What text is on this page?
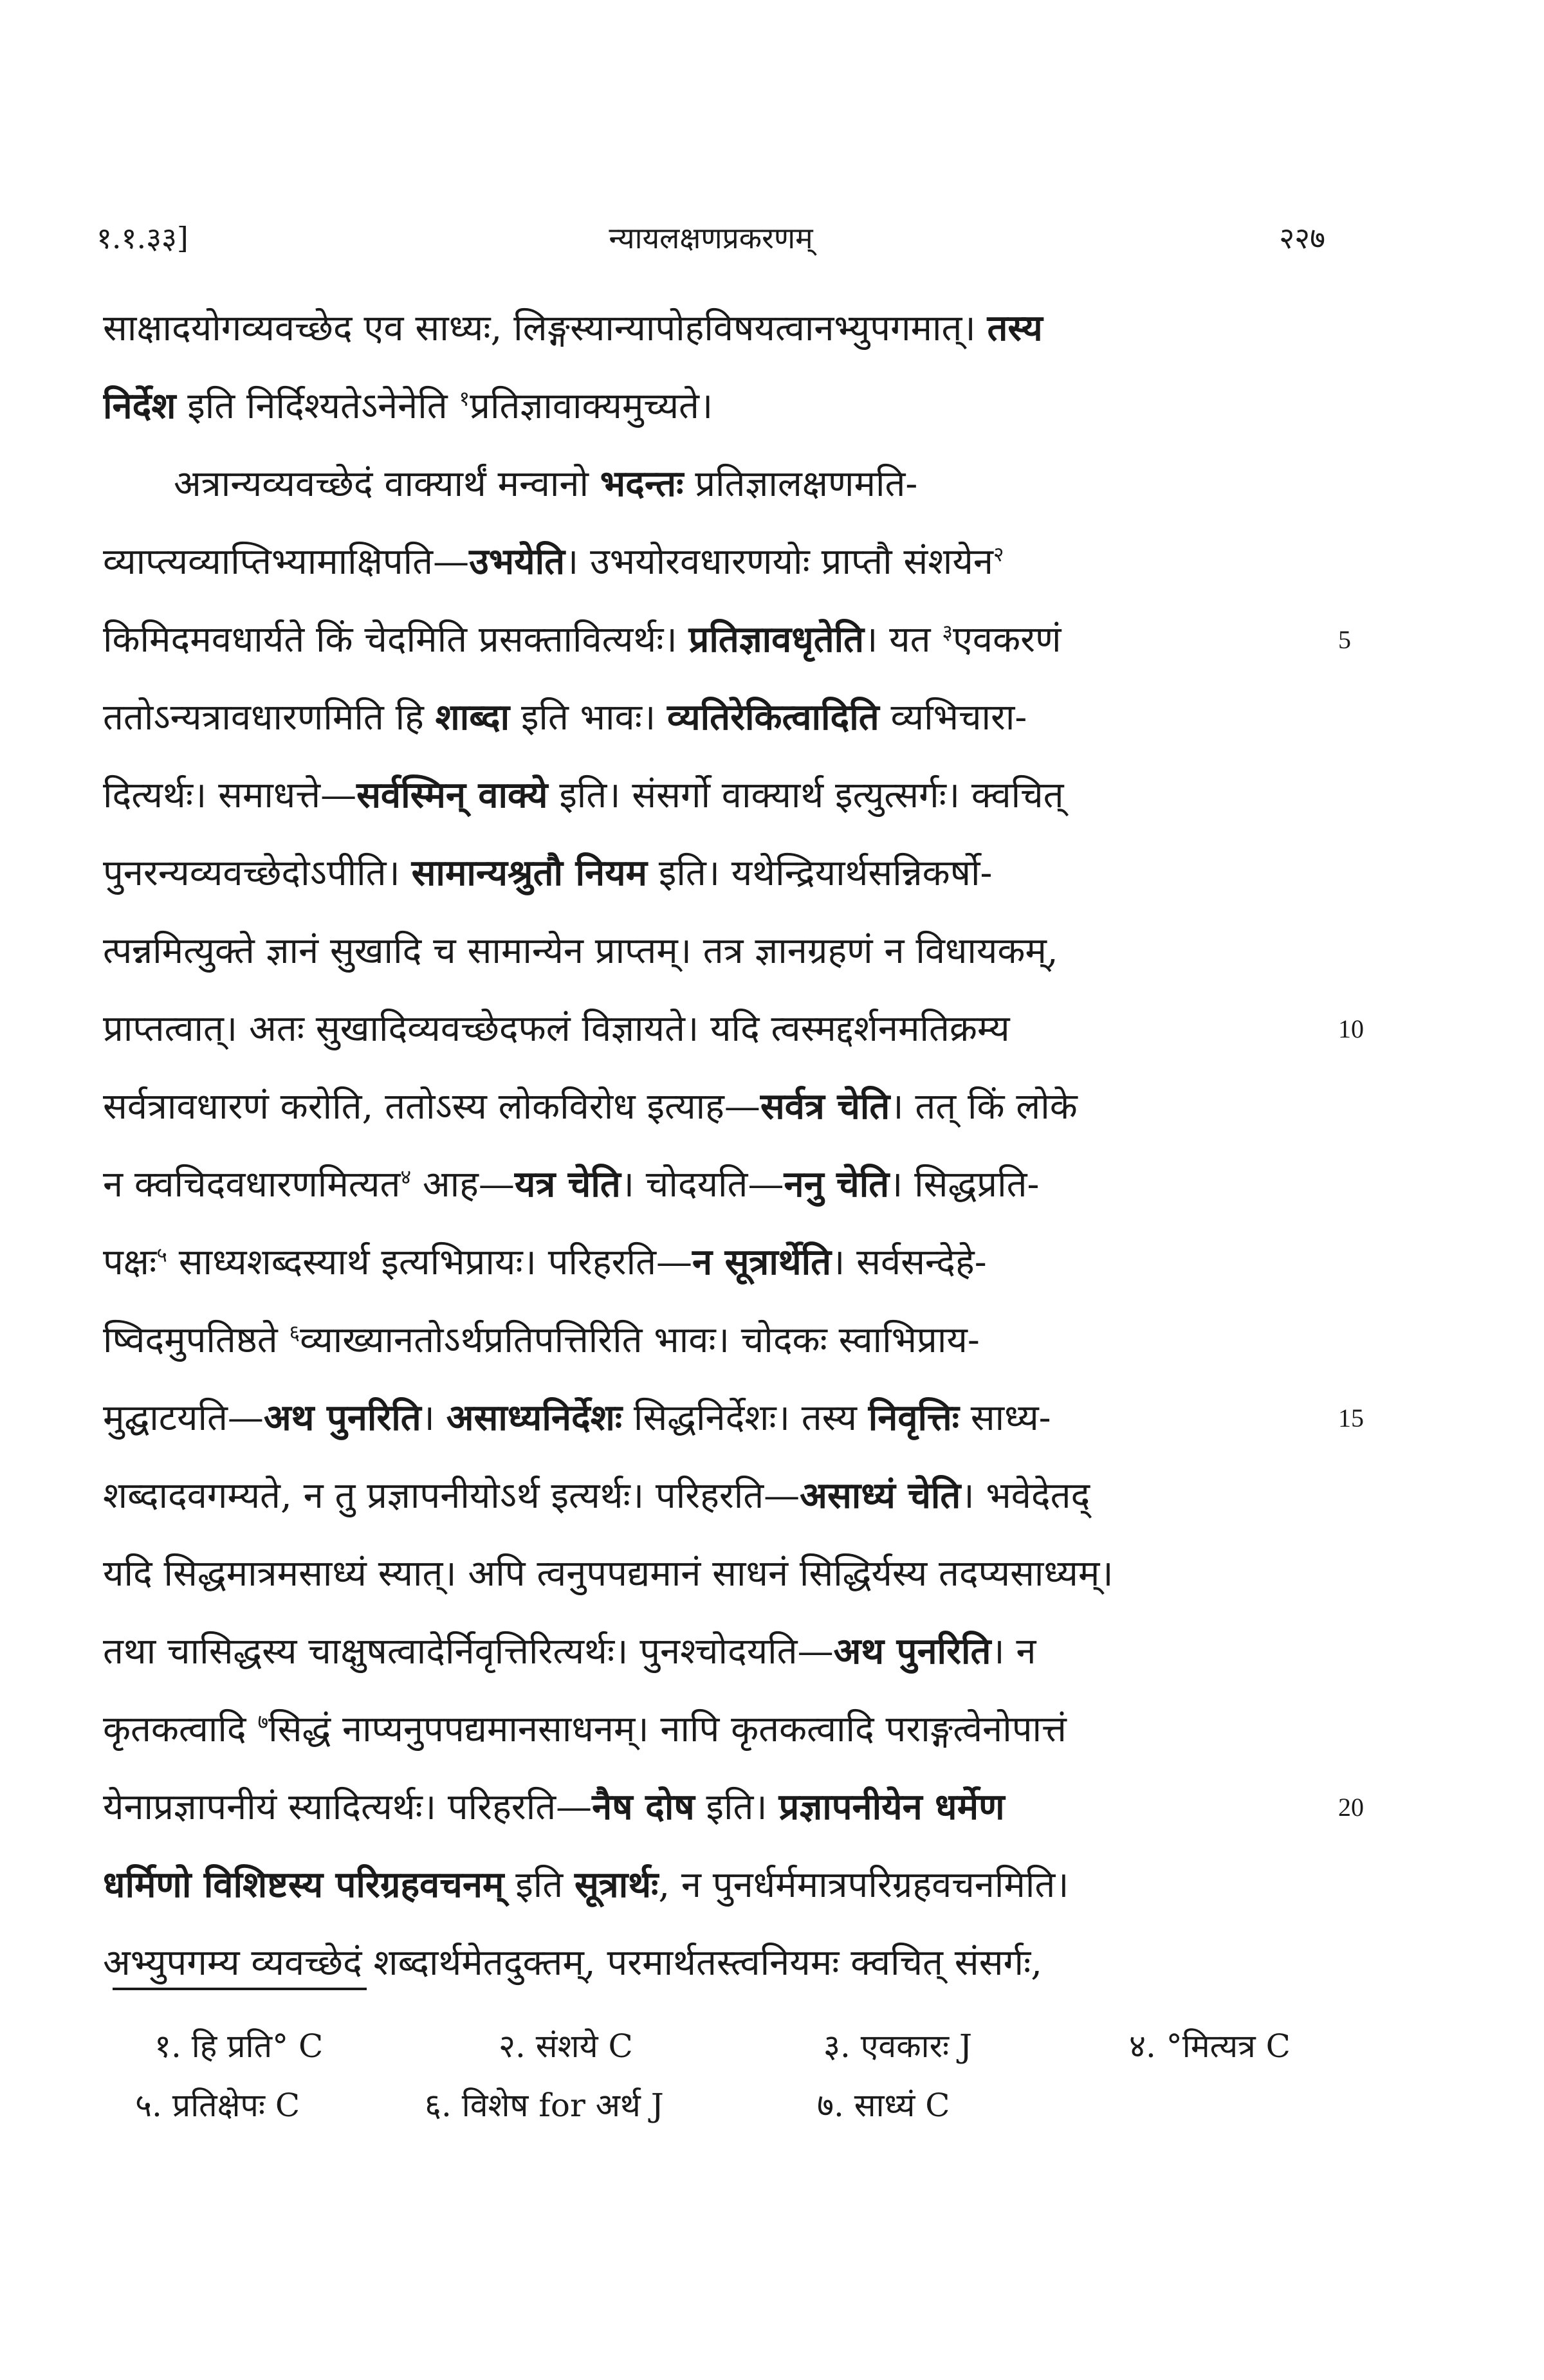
१.१.३३]	न्यायलक्षणप्रकरणम्	२२७
साक्षादयोगव्यवच्छेद एव साध्यः, लिङ्गस्यान्यापोहविषयत्वानभ्युपगमात्। तस्य
निर्देश इति निर्दिश्यतेऽनेनेति $^१$प्रतिज्ञावाक्यमुच्यते।
अत्रान्यव्यवच्छेदं वाक्यार्थं मन्वानो भदन्तः प्रतिज्ञालक्षणमति-
व्याप्त्यव्याप्तिभ्यामाक्षिपति—उभयेति। उभयोरवधारणयोः प्राप्तौ संशयेन$^२$
किमिदमवधार्यते किं चेदमिति प्रसक्तावित्यर्थः। प्रतिज्ञावधृतेति। यत $^३$एवकरणं
ततोऽन्यत्रावधारणमिति हि शाब्दा इति भावः। व्यतिरेकित्वादिति व्यभिचारा-
दित्यर्थः। समाधत्ते—सर्वस्मिन् वाक्ये इति। संसर्गो वाक्यार्थ इत्युत्सर्गः। क्वचित्
पुनरन्यव्यवच्छेदोऽपीति। सामान्यश्रुतौ नियम इति। यथेन्द्रियार्थसन्निकर्षो-
त्पन्नमित्युक्ते ज्ञानं सुखादि च सामान्येन प्राप्तम्। तत्र ज्ञानग्रहणं न विधायकम्,
प्राप्तत्वात्। अतः सुखादिव्यवच्छेदफलं विज्ञायते। यदि त्वस्मद्दर्शनमतिक्रम्य
सर्वत्रावधारणं करोति, ततोऽस्य लोकविरोध इत्याह—सर्वत्र चेति। तत् किं लोके
न क्वचिदवधारणमित्यत$^४$ आह—यत्र चेति। चोदयति—ननु चेति। सिद्धप्रति-
पक्षः$^५$ साध्यशब्दस्यार्थ इत्यभिप्रायः। परिहरति—न सूत्रार्थेति। सर्वसन्देहे-
ष्विदमुपतिष्ठते $^६$व्याख्यानतोऽर्थप्रतिपत्तिरिति भावः। चोदकः स्वाभिप्राय-
मुद्घाटयति—अथ पुनरिति। असाध्यनिर्देशः सिद्धनिर्देशः। तस्य निवृत्तिः साध्य-
शब्दादवगम्यते, न तु प्रज्ञापनीयोऽर्थ इत्यर्थः। परिहरति—असाध्यं चेति। भवेदेतद्
यदि सिद्धमात्रमसाध्यं स्यात्। अपि त्वनुपपद्यमानं साधनं सिद्धिर्यस्य तदप्यसाध्यम्।
तथा चासिद्धस्य चाक्षुषत्वादेर्निवृत्तिरित्यर्थः। पुनश्चोदयति—अथ पुनरिति। न
कृतकत्वादि $^७$सिद्धं नाप्यनुपपद्यमानसाधनम्। नापि कृतकत्वादि पराङ्गत्वेनोपात्तं
येनाप्रज्ञापनीयं स्यादित्यर्थः। परिहरति—नैष दोष इति। प्रज्ञापनीयेन धर्मेण
धर्मिणो विशिष्टस्य परिग्रहवचनम् इति सूत्रार्थः, न पुनर्धर्ममात्रपरिग्रहवचनमिति।
अभ्युपगम्य व्यवच्छेदं शब्दार्थमेतदुक्तम्, परमार्थतस्त्वनियमः क्वचित् संसर्गः,
5
10
15
20
१. हि प्रति° C	२. संशये C	३. एवकारः J	४. °मित्यत्र C
५. प्रतिक्षेपः C	६. विशेष for अर्थ J	७. साध्यं C
